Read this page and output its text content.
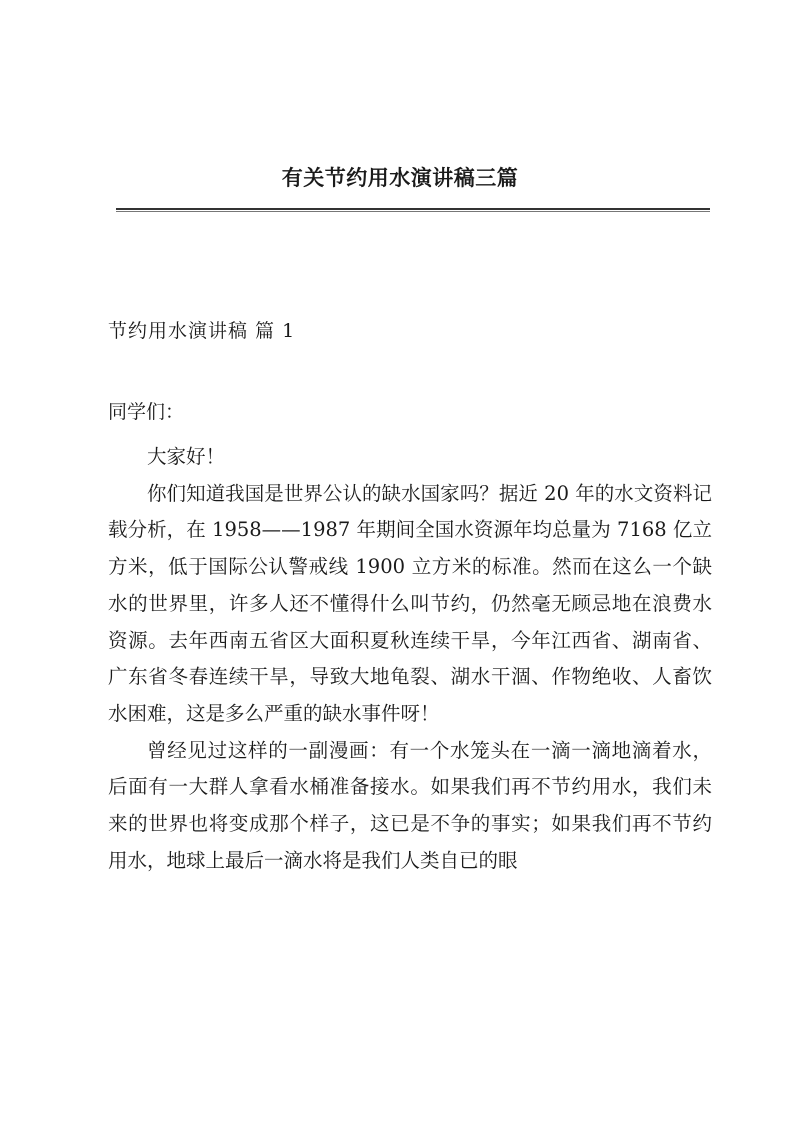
有关节约用水演讲稿三篇
节约用水演讲稿 篇 1
同学们：

大家好！

你们知道我国是世界公认的缺水国家吗？据近 20 年的水文资料记载分析，在 1958——1987 年期间全国水资源年均总量为 7168 亿立方米，低于国际公认警戒线 1900 立方米的标准。然而在这么一个缺水的世界里，许多人还不懂得什么叫节约，仍然毫无顾忌地在浪费水资源。去年西南五省区大面积夏秋连续干旱，今年江西省、湖南省、广东省冬春连续干旱，导致大地龟裂、湖水干涸、作物绝收、人畜饮水困难，这是多么严重的缺水事件呀！

曾经见过这样的一副漫画：有一个水笼头在一滴一滴地滴着水，后面有一大群人拿看水桶准备接水。如果我们再不节约用水，我们未来的世界也将变成那个样子，这已是不争的事实；如果我们再不节约用水，地球上最后一滴水将是我们人类自已的眼
